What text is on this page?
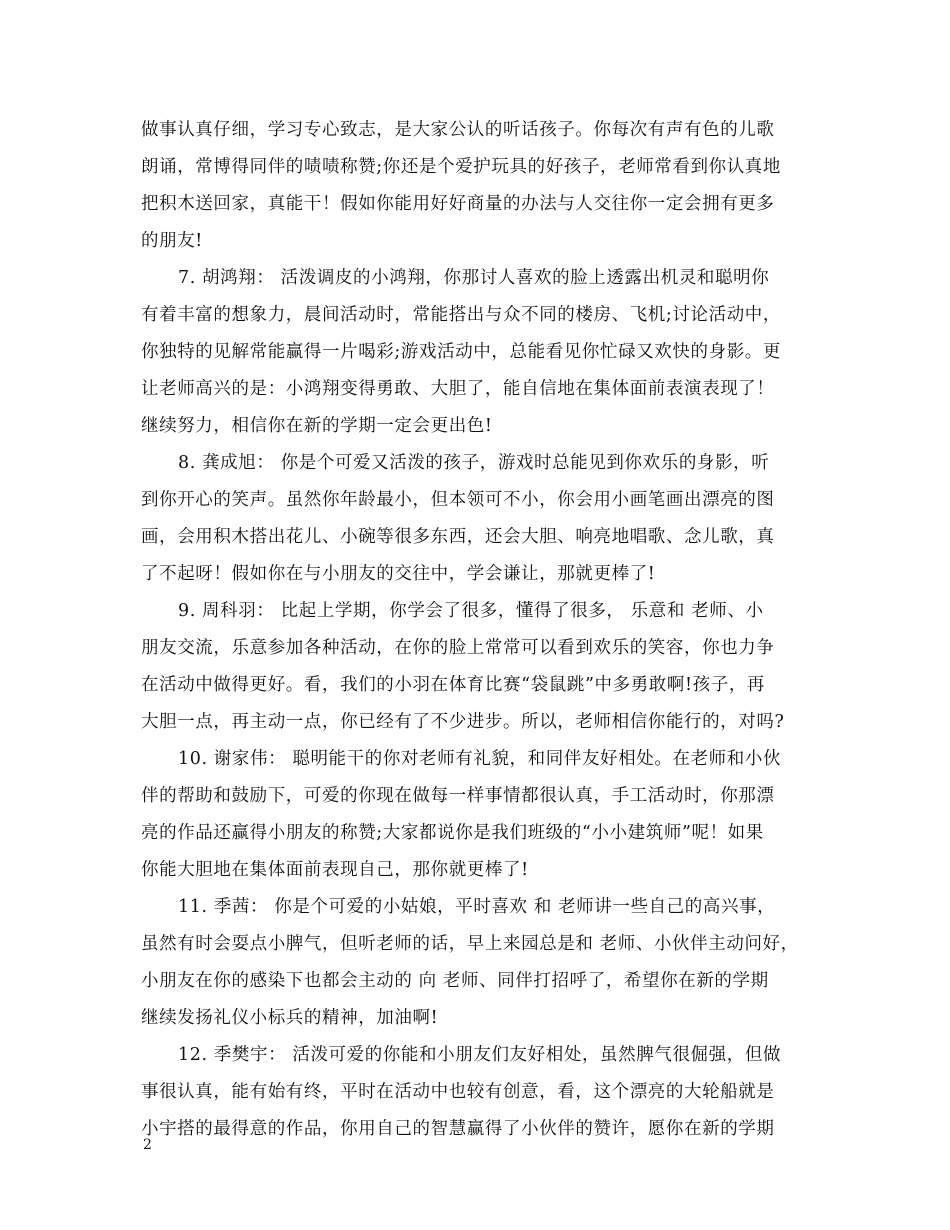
做事认真仔细，学习专心致志，是大家公认的听话孩子。你每次有声有色的儿歌
朗诵，常博得同伴的啧啧称赞;你还是个爱护玩具的好孩子，老师常看到你认真地
把积木送回家，真能干！假如你能用好好商量的办法与人交往你一定会拥有更多
的朋友!
7. 胡鸿翔： 活泼调皮的小鸿翔，你那讨人喜欢的脸上透露出机灵和聪明你
有着丰富的想象力，晨间活动时，常能搭出与众不同的楼房、飞机;讨论活动中，
你独特的见解常能赢得一片喝彩;游戏活动中，总能看见你忙碌又欢快的身影。更
让老师高兴的是：小鸿翔变得勇敢、大胆了，能自信地在集体面前表演表现了！
继续努力，相信你在新的学期一定会更出色!
8. 龚成旭： 你是个可爱又活泼的孩子，游戏时总能见到你欢乐的身影，听
到你开心的笑声。虽然你年龄最小，但本领可不小，你会用小画笔画出漂亮的图
画，会用积木搭出花儿、小碗等很多东西，还会大胆、响亮地唱歌、念儿歌，真
了不起呀！假如你在与小朋友的交往中，学会谦让，那就更棒了!
9. 周科羽： 比起上学期，你学会了很多，懂得了很多， 乐意和 老师、小
朋友交流，乐意参加各种活动，在你的脸上常常可以看到欢乐的笑容，你也力争
在活动中做得更好。看，我们的小羽在体育比赛“袋鼠跳”中多勇敢啊!孩子，再
大胆一点，再主动一点，你已经有了不少进步。所以，老师相信你能行的，对吗?
10. 谢家伟： 聪明能干的你对老师有礼貌，和同伴友好相处。在老师和小伙
伴的帮助和鼓励下，可爱的你现在做每一样事情都很认真，手工活动时，你那漂
亮的作品还赢得小朋友的称赞;大家都说你是我们班级的“小小建筑师”呢！如果
你能大胆地在集体面前表现自己，那你就更棒了!
11. 季茜： 你是个可爱的小姑娘，平时喜欢 和 老师讲一些自己的高兴事，
虽然有时会耍点小脾气，但听老师的话，早上来园总是和 老师、小伙伴主动问好，
小朋友在你的感染下也都会主动的 向 老师、同伴打招呼了，希望你在新的学期
继续发扬礼仪小标兵的精神，加油啊!
12. 季樊宇： 活泼可爱的你能和小朋友们友好相处，虽然脾气很倔强，但做
事很认真，能有始有终，平时在活动中也较有创意，看，这个漂亮的大轮船就是
小宇搭的最得意的作品，你用自己的智慧赢得了小伙伴的赞许，愿你在新的学期
2
